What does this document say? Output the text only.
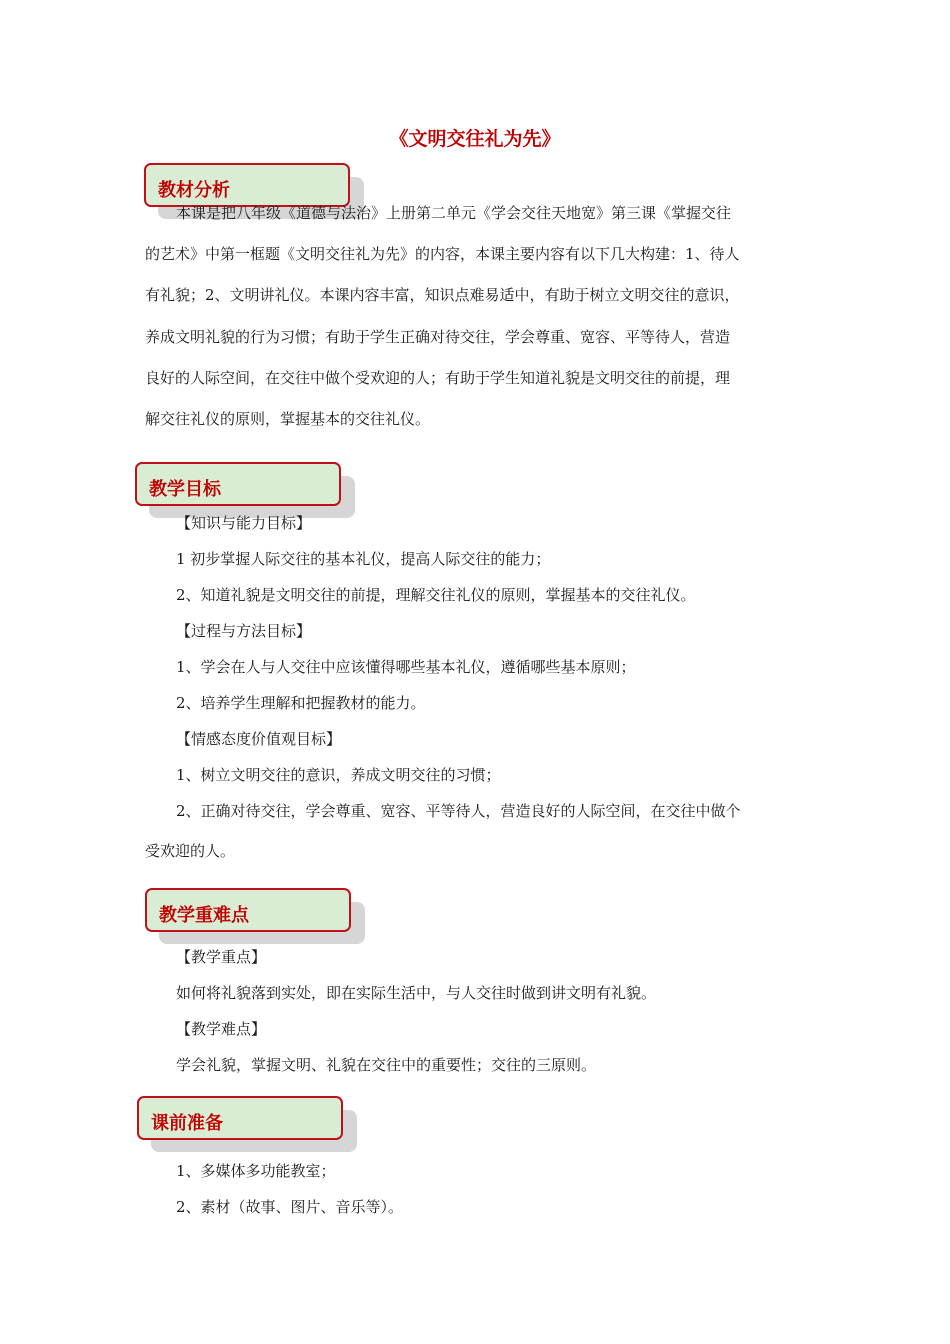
《文明交往礼为先》
教材分析
本课是把八年级《道德与法治》上册第二单元《学会交往天地宽》第三课《掌握交往
的艺术》中第一框题《文明交往礼为先》的内容，本课主要内容有以下几大构建：1、待人
有礼貌；2、文明讲礼仪。本课内容丰富，知识点难易适中，有助于树立文明交往的意识，
养成文明礼貌的行为习惯；有助于学生正确对待交往，学会尊重、宽容、平等待人，营造
良好的人际空间，在交往中做个受欢迎的人；有助于学生知道礼貌是文明交往的前提，理
解交往礼仪的原则，掌握基本的交往礼仪。
教学目标
【知识与能力目标】
1 初步掌握人际交往的基本礼仪，提高人际交往的能力；
2、知道礼貌是文明交往的前提，理解交往礼仪的原则，掌握基本的交往礼仪。
【过程与方法目标】
1、学会在人与人交往中应该懂得哪些基本礼仪，遵循哪些基本原则；
2、培养学生理解和把握教材的能力。
【情感态度价值观目标】
1、树立文明交往的意识，养成文明交往的习惯；
2、正确对待交往，学会尊重、宽容、平等待人，营造良好的人际空间，在交往中做个
受欢迎的人。
教学重难点
【教学重点】
如何将礼貌落到实处，即在实际生活中，与人交往时做到讲文明有礼貌。
【教学难点】
学会礼貌，掌握文明、礼貌在交往中的重要性；交往的三原则。
课前准备
1、多媒体多功能教室；
2、素材（故事、图片、音乐等）。
